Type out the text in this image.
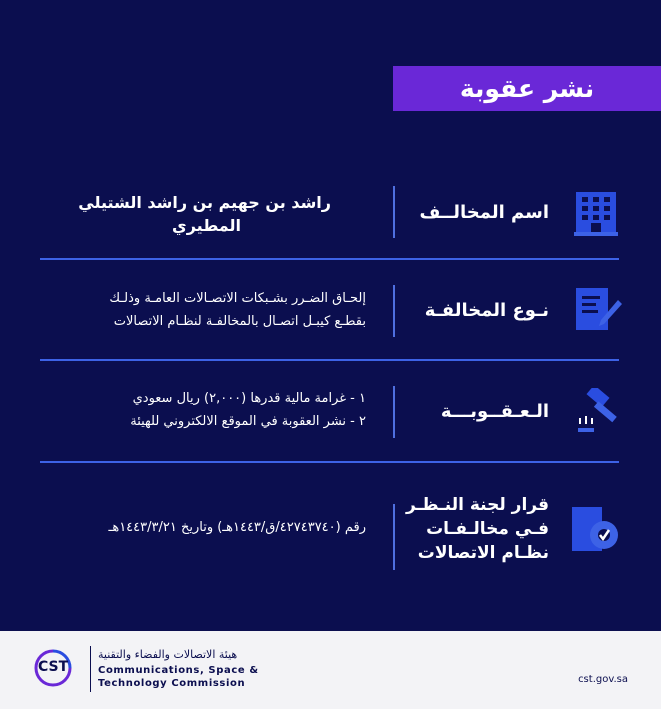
نشر عقوبة
اسم المخالــف
راشد بن جهيم بن راشد الشتيلي
المطيري
نـوع المخالفـة
إلحـاق الضـرر بشـبكات الاتصـالات العامـة وذلـك
بقطـع كيبـل اتصـال بالمخالفـة لنظـام الاتصالات
الـعـقــوبـــة
١ - غرامة مالية قدرها (٢,٠٠٠) ريال سعودي
٢ - نشر العقوبة في الموقع الالكتروني للهيئة
قرار لجنة النـظـر
فـي مخالـفـات
نظـام الاتصالات
رقم (٤٢٧٤٣٧٤٠/ق/١٤٤٣هـ) وتاريخ ١٤٤٣/٣/٢١هـ
CST
هيئة الاتصالات والفضاء والتقنية
Communications, Space &
Technology Commission	cst.gov.sa
